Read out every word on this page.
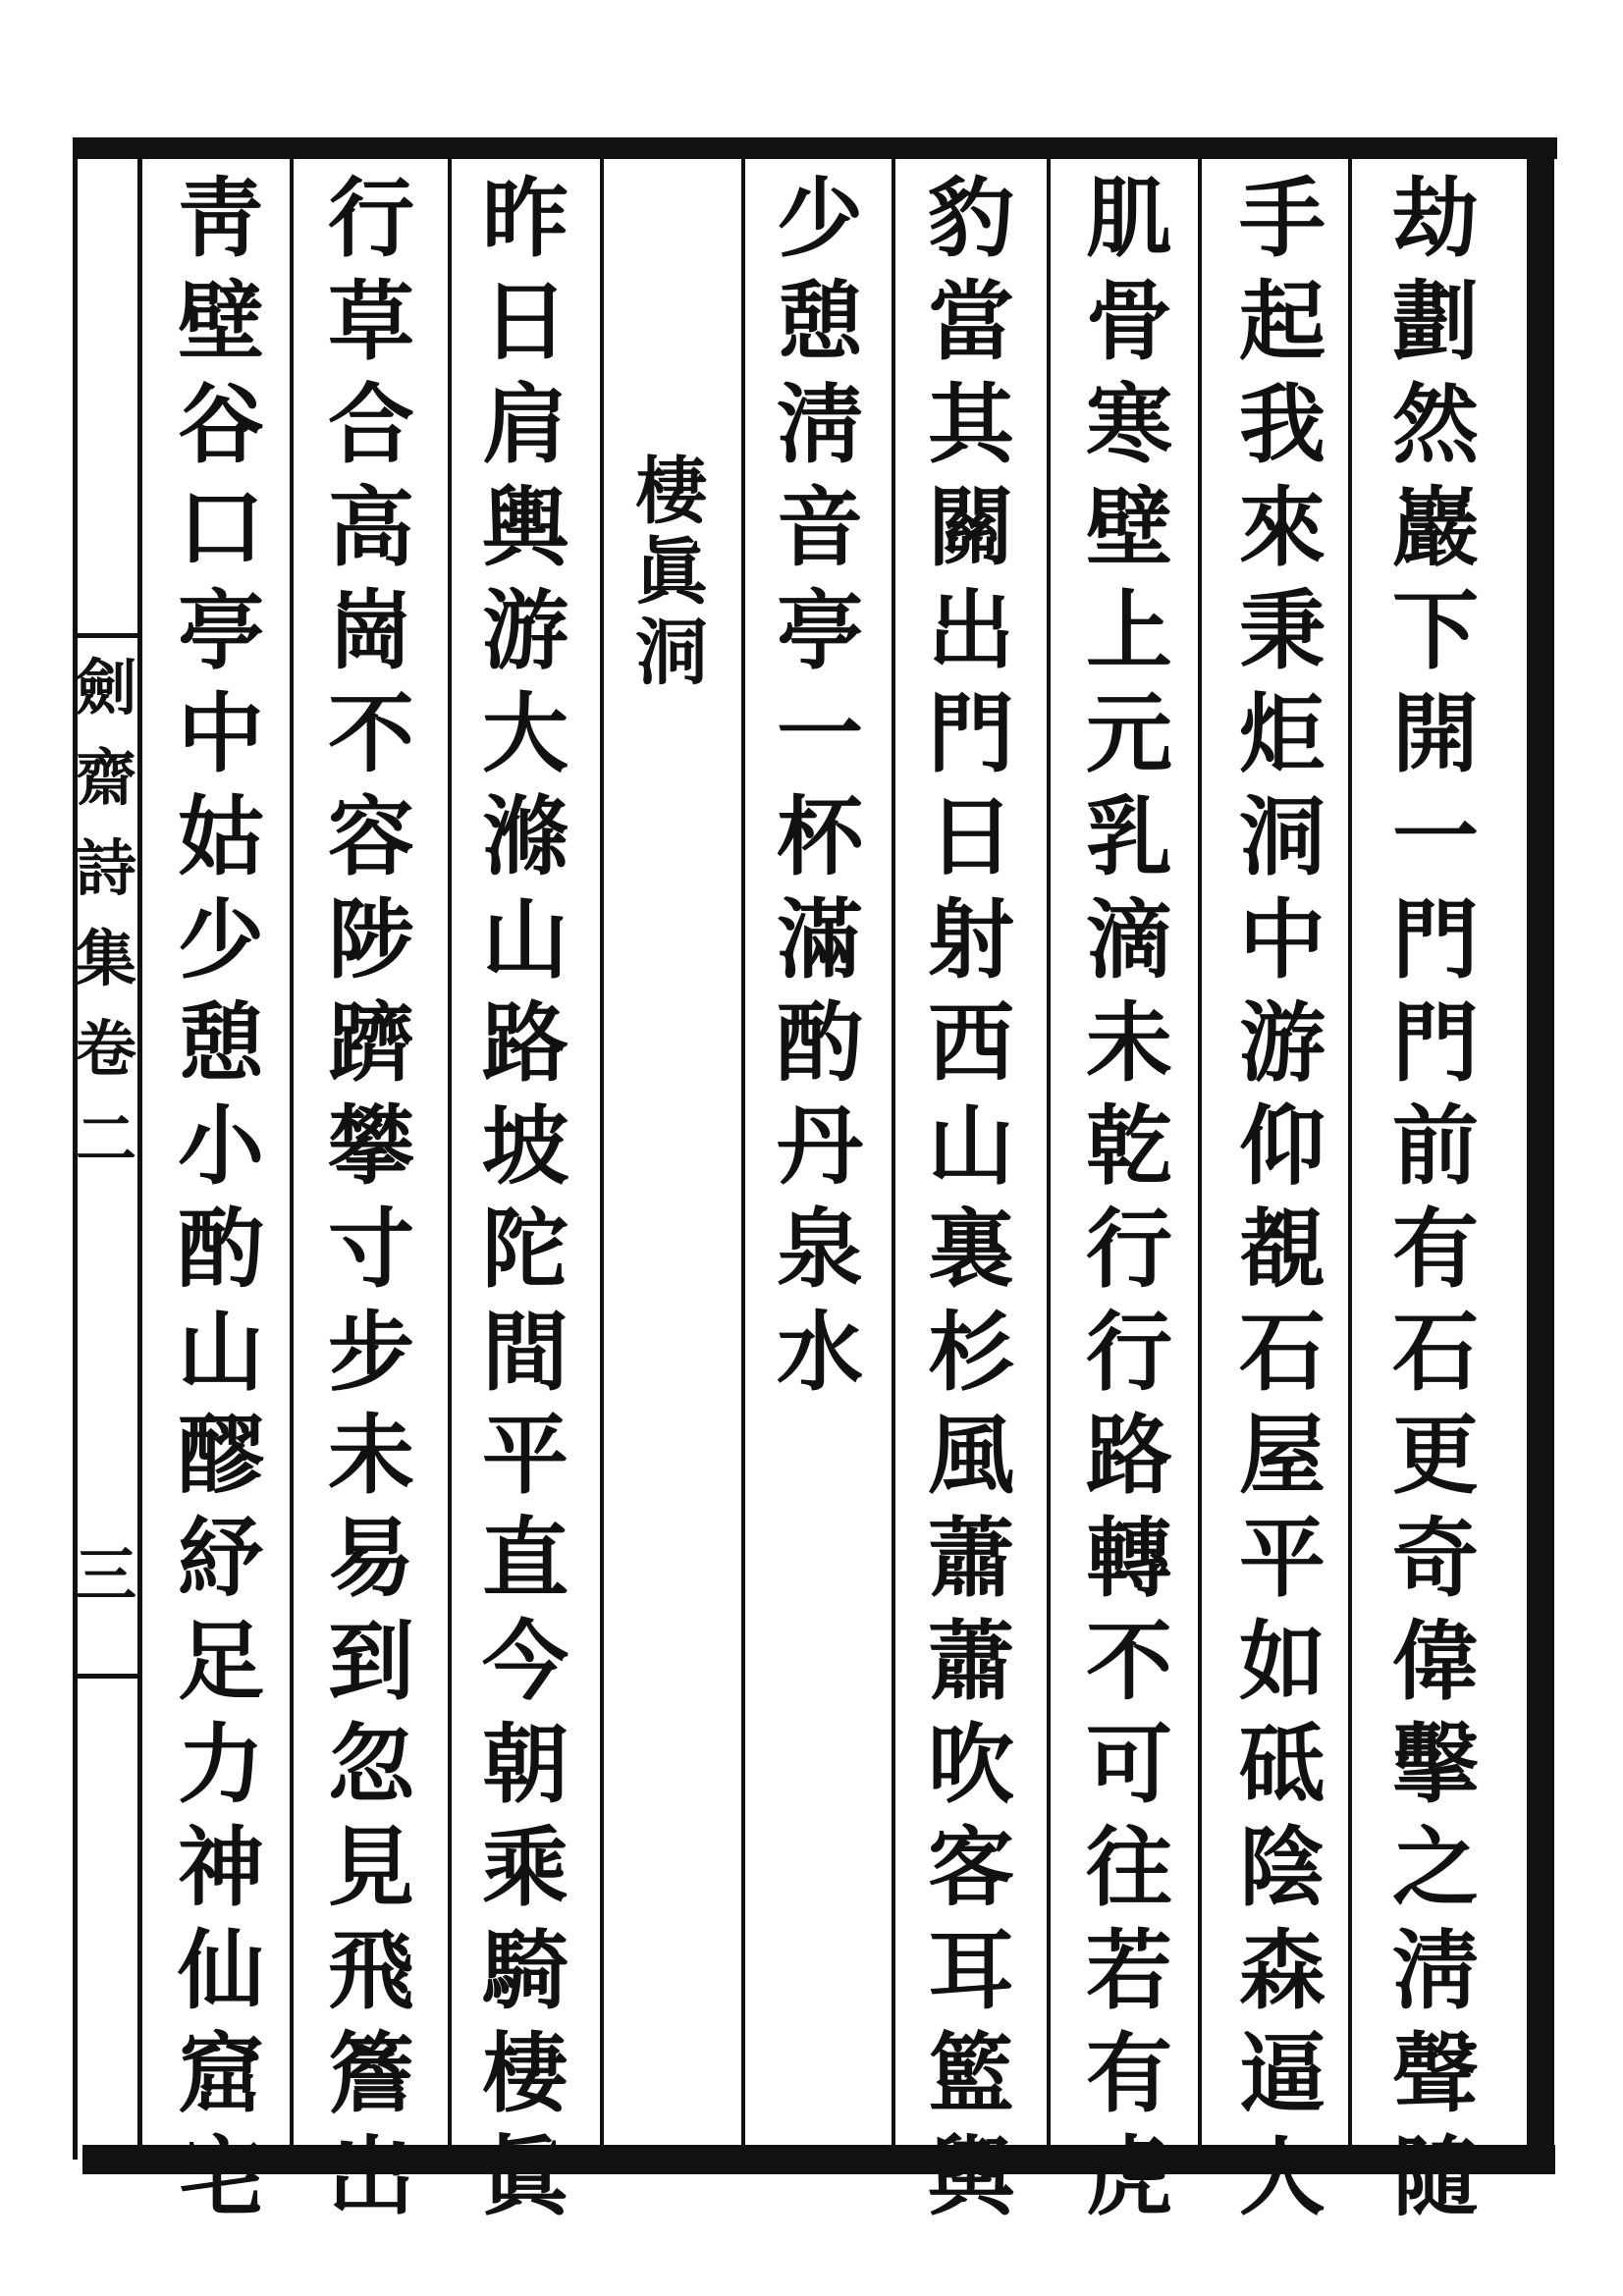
劍
齋
詩
集
卷
二
三
劫
劃
然
巖
下
開
一
門
門
前
有
石
更
奇
偉
擊
之
淸
聲
隨
手
起
我
來
秉
炬
洞
中
游
仰
覩
石
屋
平
如
砥
陰
森
逼
人
肌
骨
寒
壁
上
元
乳
滴
未
乾
行
行
路
轉
不
可
往
若
有
虎
豹
當
其
關
出
門
日
射
西
山
裏
杉
風
蕭
蕭
吹
客
耳
籃
輿
少
憩
淸
音
亭
一
杯
滿
酌
丹
泉
水
棲
眞
洞
昨
日
肩
輿
游
大
滌
山
路
坡
陀
間
平
直
今
朝
乘
騎
棲
眞
行
草
合
高
崗
不
容
陟
躋
攀
寸
步
未
易
到
忽
見
飛
簷
出
靑
壁
谷
口
亭
中
姑
少
憩
小
酌
山
醪
紓
足
力
神
仙
窟
宅
